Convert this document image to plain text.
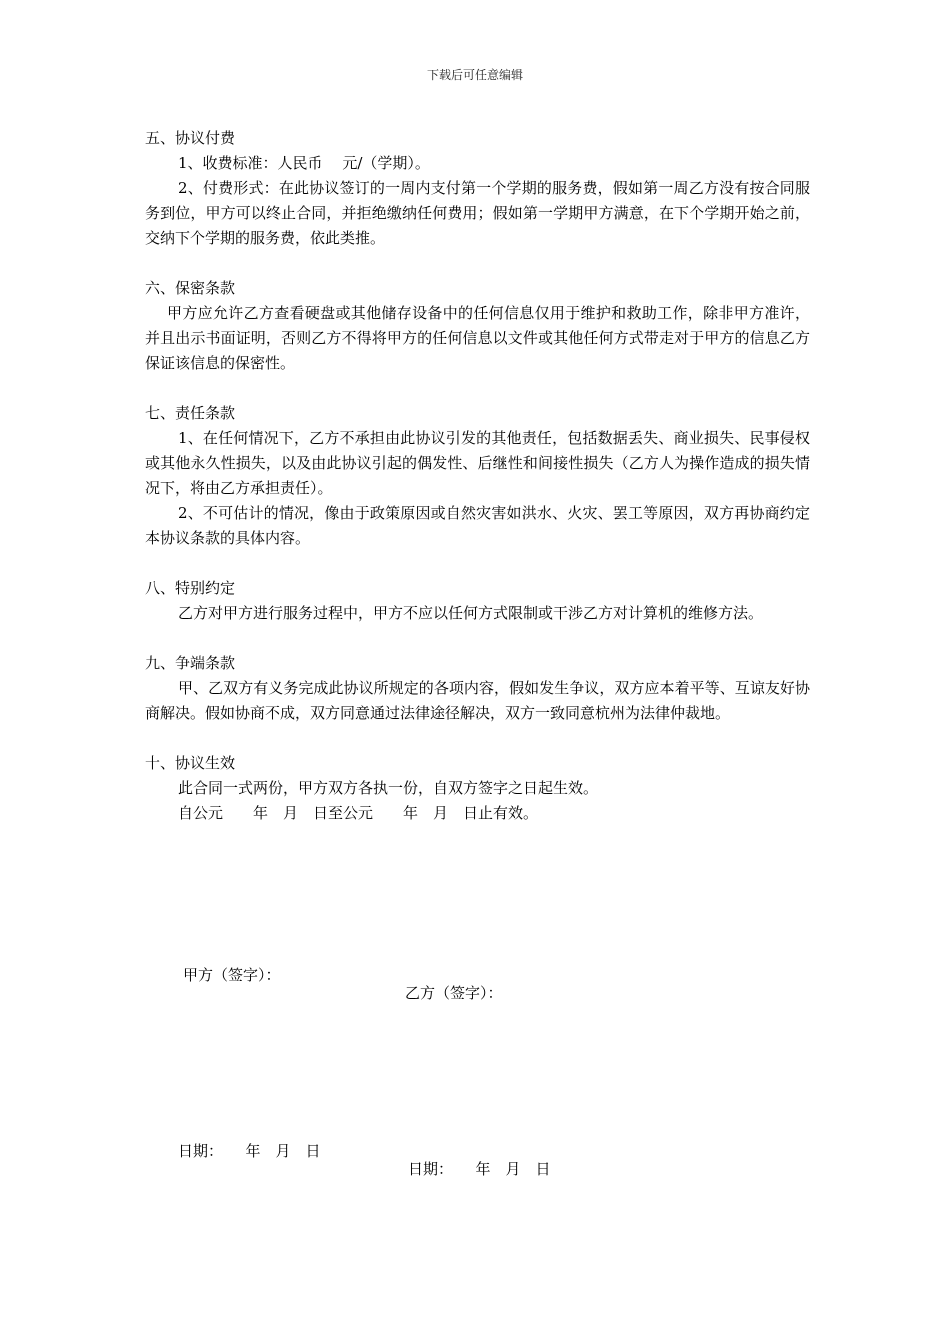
下载后可任意编辑

五、协议付费

1、收费标准：人民币　 元/（学期）。

2、付费形式：在此协议签订的一周内支付第一个学期的服务费，假如第一周乙方没有按合同服务到位，甲方可以终止合同，并拒绝缴纳任何费用；假如第一学期甲方满意，在下个学期开始之前，交纳下个学期的服务费，依此类推。

六、保密条款

甲方应允许乙方查看硬盘或其他储存设备中的任何信息仅用于维护和救助工作，除非甲方准许，并且出示书面证明，否则乙方不得将甲方的任何信息以文件或其他任何方式带走对于甲方的信息乙方保证该信息的保密性。

七、责任条款

1、在任何情况下，乙方不承担由此协议引发的其他责任，包括数据丢失、商业损失、民事侵权或其他永久性损失，以及由此协议引起的偶发性、后继性和间接性损失（乙方人为操作造成的损失情况下，将由乙方承担责任）。

2、不可估计的情况，像由于政策原因或自然灾害如洪水、火灾、罢工等原因，双方再协商约定本协议条款的具体内容。

八、特别约定

乙方对甲方进行服务过程中，甲方不应以任何方式限制或干涉乙方对计算机的维修方法。

九、争端条款

甲、乙双方有义务完成此协议所规定的各项内容，假如发生争议，双方应本着平等、互谅友好协商解决。假如协商不成，双方同意通过法律途径解决，双方一致同意杭州为法律仲裁地。

十、协议生效

此合同一式两份，甲方双方各执一份，自双方签字之日起生效。

自公元　　年　月　日至公元　　年　月　日止有效。

甲方（签字）：

乙方（签字）：

日期：　　年　月　日

日期：　　年　月　日
